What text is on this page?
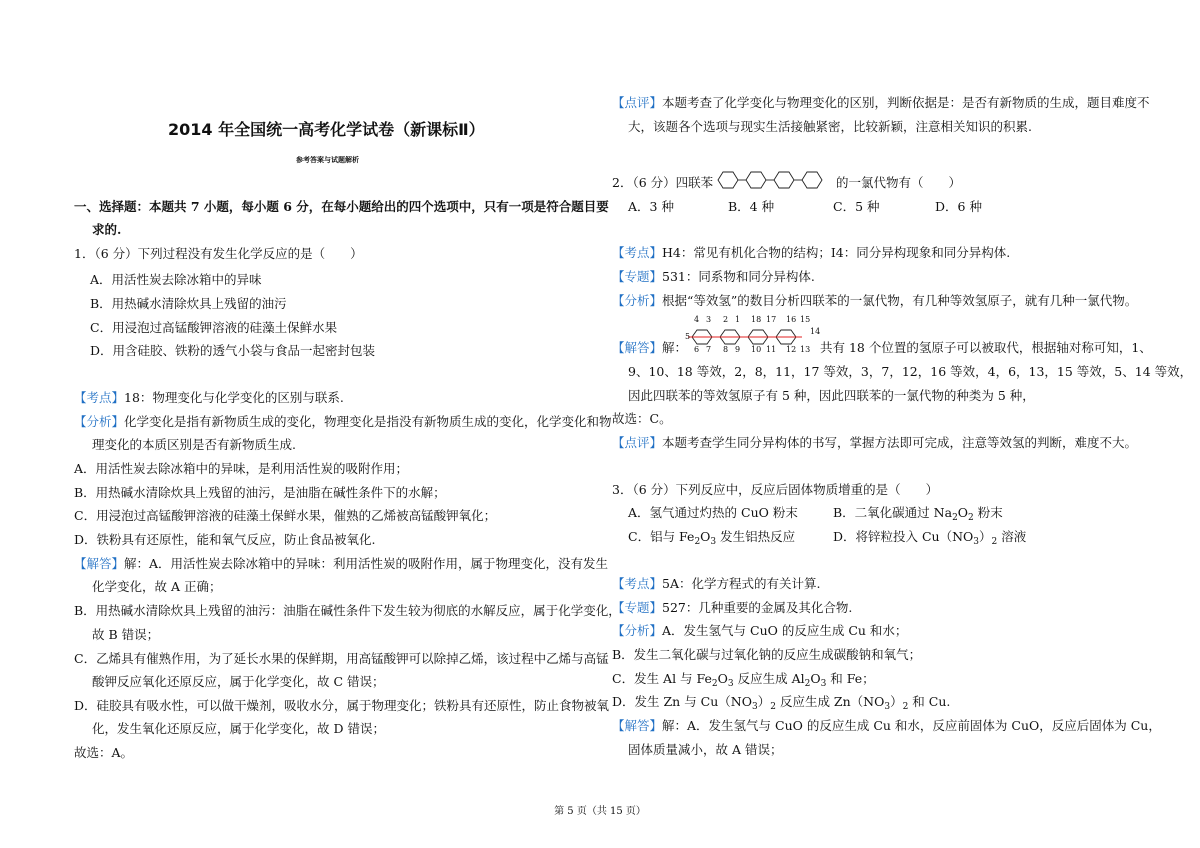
2014 年全国统一高考化学试卷（新课标Ⅱ）
参考答案与试题解析
一、选择题：本题共 7 小题，每小题 6 分，在每小题给出的四个选项中，只有一项是符合题目要
求的.
1．（6 分）下列过程没有发生化学反应的是（　　）
A．用活性炭去除冰箱中的异味
B．用热碱水清除炊具上残留的油污
C．用浸泡过高锰酸钾溶液的硅藻土保鲜水果
D．用含硅胶、铁粉的透气小袋与食品一起密封包装
【考点】18：物理变化与化学变化的区别与联系.
【分析】化学变化是指有新物质生成的变化，物理变化是指没有新物质生成的变化，化学变化和物
理变化的本质区别是否有新物质生成.
A．用活性炭去除冰箱中的异味，是利用活性炭的吸附作用；
B．用热碱水清除炊具上残留的油污，是油脂在碱性条件下的水解；
C．用浸泡过高锰酸钾溶液的硅藻土保鲜水果，催熟的乙烯被高锰酸钾氧化；
D．铁粉具有还原性，能和氧气反应，防止食品被氧化.
【解答】解：A．用活性炭去除冰箱中的异味：利用活性炭的吸附作用，属于物理变化，没有发生
化学变化，故 A 正确；
B．用热碱水清除炊具上残留的油污：油脂在碱性条件下发生较为彻底的水解反应，属于化学变化，
故 B 错误；
C．乙烯具有催熟作用，为了延长水果的保鲜期，用高锰酸钾可以除掉乙烯，该过程中乙烯与高锰
酸钾反应氧化还原反应，属于化学变化，故 C 错误；
D．硅胶具有吸水性，可以做干燥剂，吸收水分，属于物理变化；铁粉具有还原性，防止食物被氧
化，发生氧化还原反应，属于化学变化，故 D 错误；
故选：A。
【点评】本题考查了化学变化与物理变化的区别，判断依据是：是否有新物质的生成，题目难度不
大，该题各个选项与现实生活接触紧密，比较新颖，注意相关知识的积累.
2．（6 分）四联苯	的一氯代物有（　　）
A．3 种	B．4 种	C．5 种	D．6 种
【考点】H4：常见有机化合物的结构；I4：同分异构现象和同分异构体.
【专题】531：同系物和同分异构体.
【分析】根据“等效氢”的数目分析四联苯的一氯代物，有几种等效氢原子，就有几种一氯代物。
4 3 2 1 18 17 16 15
5
14
6 7 8 9 10 11 12 13
【解答】解：	共有 18 个位置的氢原子可以被取代，根据轴对称可知，1、
9、10、18 等效，2，8，11，17 等效，3，7，12，16 等效，4，6，13，15 等效，5、14 等效，
因此四联苯的等效氢原子有 5 种，因此四联苯的一氯代物的种类为 5 种，
故选：C。
【点评】本题考查学生同分异构体的书写，掌握方法即可完成，注意等效氢的判断，难度不大。
3．（6 分）下列反应中，反应后固体物质增重的是（　　）
A．氢气通过灼热的 CuO 粉末	B．二氧化碳通过 $Na_2O_2$ 粉末
C．铝与 $Fe_2O_3$ 发生铝热反应	D．将锌粒投入 $Cu(NO_3)_2$ 溶液
【考点】5A：化学方程式的有关计算.
【专题】527：几种重要的金属及其化合物.
【分析】A．发生氢气与 CuO 的反应生成 Cu 和水；
B．发生二氧化碳与过氧化钠的反应生成碳酸钠和氧气；
C．发生 Al 与 $Fe_2O_3$ 反应生成 $Al_2O_3$ 和 Fe；
D．发生 Zn 与 $Cu(NO_3)_2$ 反应生成 $Zn(NO_3)_2$ 和 Cu.
【解答】解：A．发生氢气与 CuO 的反应生成 Cu 和水，反应前固体为 CuO，反应后固体为 Cu，
固体质量减小，故 A 错误；
第 5 页（共 15 页）
